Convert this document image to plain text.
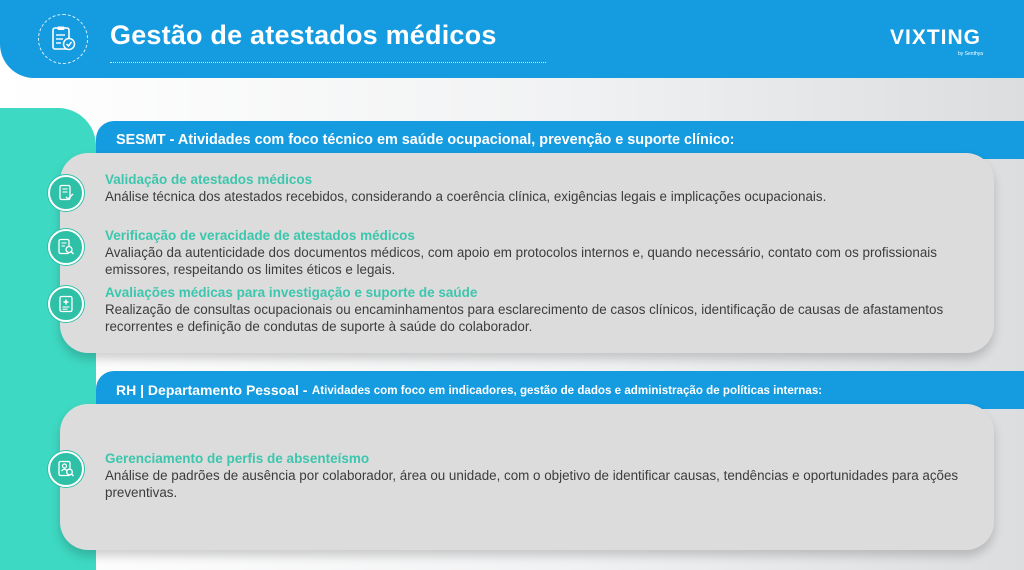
Gestão de atestados médicos	VIXTING
by Senthya
SESMT - Atividades com foco técnico em saúde ocupacional, prevenção e suporte clínico:
Validação de atestados médicos
Análise técnica dos atestados recebidos, considerando a coerência clínica, exigências legais e implicações ocupacionais.
Verificação de veracidade de atestados médicos
Avaliação da autenticidade dos documentos médicos, com apoio em protocolos internos e, quando necessário, contato com os profissionais emissores, respeitando os limites éticos e legais.
Avaliações médicas para investigação e suporte de saúde
Realização de consultas ocupacionais ou encaminhamentos para esclarecimento de casos clínicos, identificação de causas de afastamentos recorrentes e definição de condutas de suporte à saúde do colaborador.
RH | Departamento Pessoal -
Atividades com foco em indicadores, gestão de dados e administração de políticas internas:
Gerenciamento de perfis de absenteísmo
Análise de padrões de ausência por colaborador, área ou unidade, com o objetivo de identificar causas, tendências e oportunidades para ações preventivas.
